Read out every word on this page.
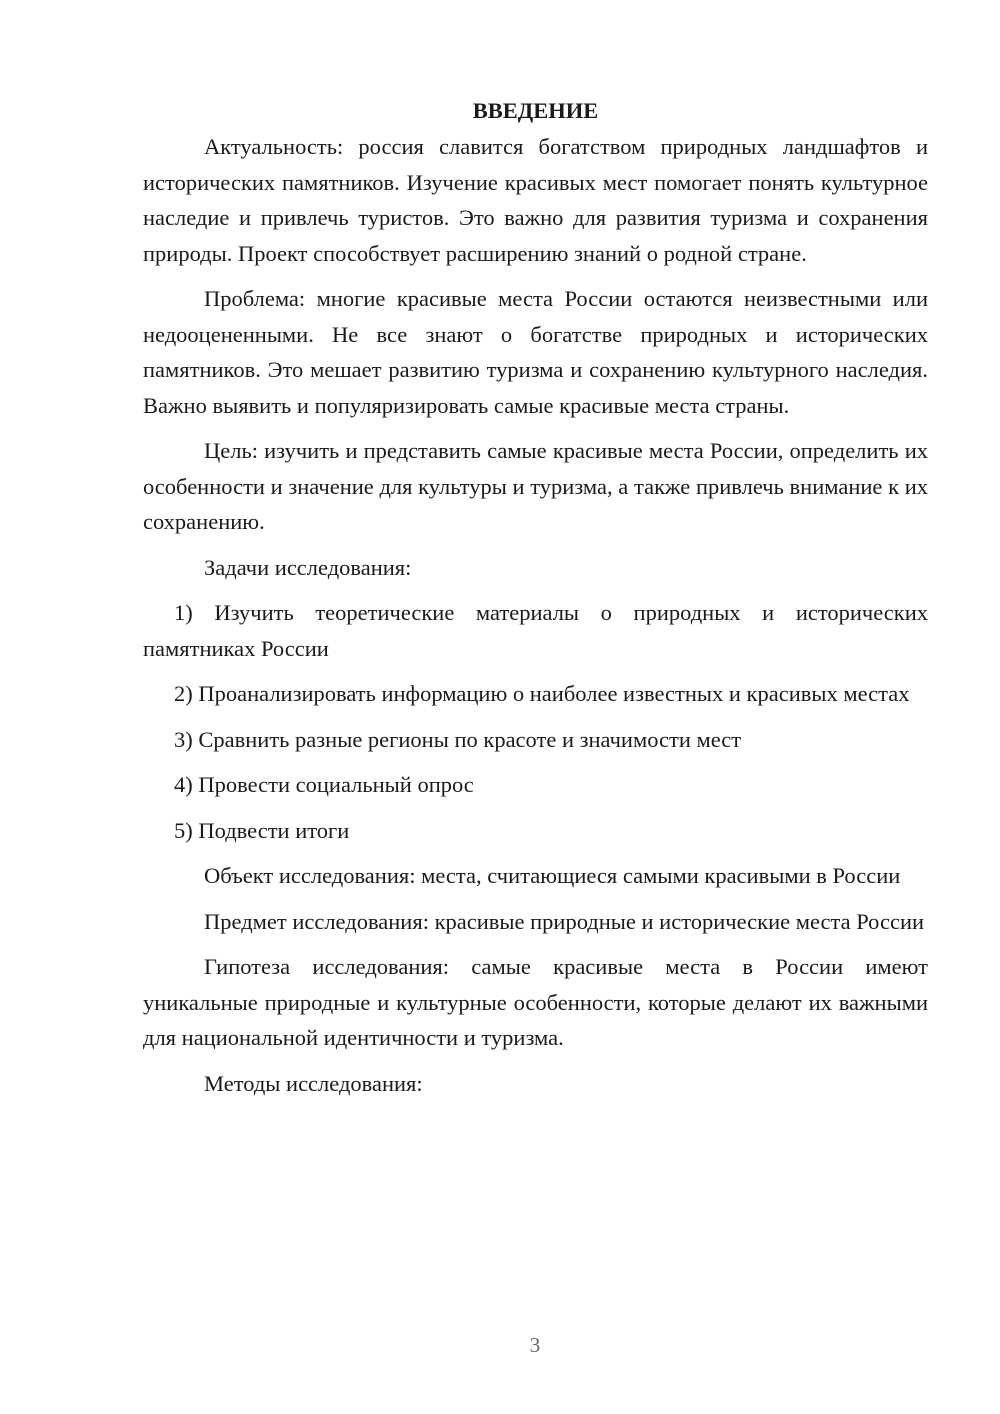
ВВЕДЕНИЕ
Актуальность: россия славится богатством природных ландшафтов и исторических памятников. Изучение красивых мест помогает понять культурное наследие и привлечь туристов. Это важно для развития туризма и сохранения природы. Проект способствует расширению знаний о родной стране.
Проблема: многие красивые места России остаются неизвестными или недооцененными. Не все знают о богатстве природных и исторических памятников. Это мешает развитию туризма и сохранению культурного наследия. Важно выявить и популяризировать самые красивые места страны.
Цель: изучить и представить самые красивые места России, определить их особенности и значение для культуры и туризма, а также привлечь внимание к их сохранению.
Задачи исследования:
1) Изучить теоретические материалы о природных и исторических памятниках России
2) Проанализировать информацию о наиболее известных и красивых местах
3) Сравнить разные регионы по красоте и значимости мест
4) Провести социальный опрос
5) Подвести итоги
Объект исследования: места, считающиеся самыми красивыми в России
Предмет исследования: красивые природные и исторические места России
Гипотеза исследования: самые красивые места в России имеют уникальные природные и культурные особенности, которые делают их важными для национальной идентичности и туризма.
Методы исследования:
3
